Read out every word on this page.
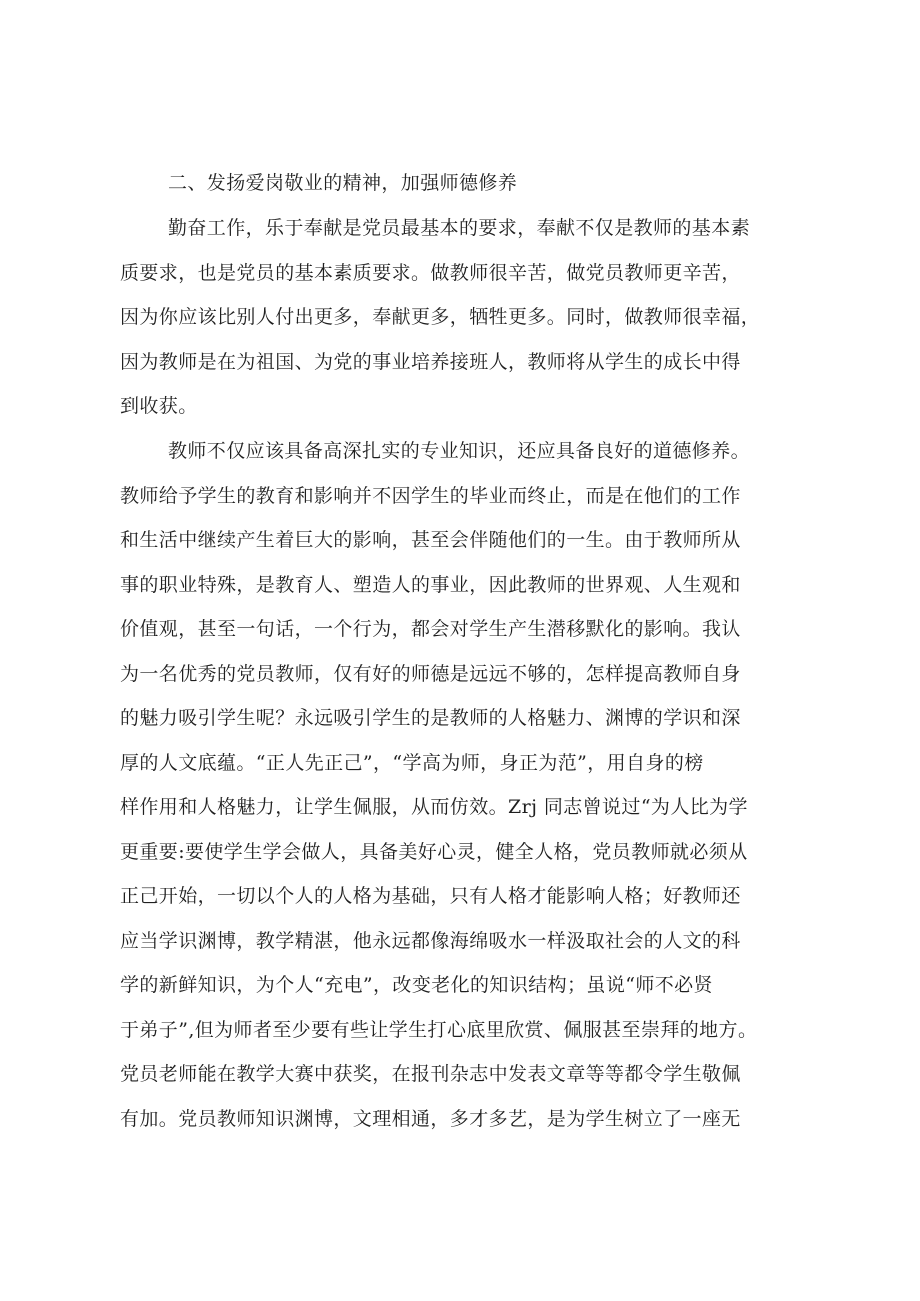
二、发扬爱岗敬业的精神，加强师德修养
勤奋工作，乐于奉献是党员最基本的要求，奉献不仅是教师的基本素
质要求，也是党员的基本素质要求。做教师很辛苦，做党员教师更辛苦，
因为你应该比别人付出更多，奉献更多，牺牲更多。同时，做教师很幸福，
因为教师是在为祖国、为党的事业培养接班人，教师将从学生的成长中得
到收获。
教师不仅应该具备高深扎实的专业知识，还应具备良好的道德修养。
教师给予学生的教育和影响并不因学生的毕业而终止，而是在他们的工作
和生活中继续产生着巨大的影响，甚至会伴随他们的一生。由于教师所从
事的职业特殊，是教育人、塑造人的事业，因此教师的世界观、人生观和
价值观，甚至一句话，一个行为，都会对学生产生潜移默化的影响。我认
为一名优秀的党员教师，仅有好的师德是远远不够的，怎样提高教师自身
的魅力吸引学生呢？永远吸引学生的是教师的人格魅力、渊博的学识和深
厚的人文底蕴。“正人先正己”，“学高为师，身正为范”，用自身的榜
样作用和人格魅力，让学生佩服，从而仿效。Zrj 同志曾说过“为人比为学
更重要:要使学生学会做人，具备美好心灵，健全人格，党员教师就必须从
正己开始，一切以个人的人格为基础，只有人格才能影响人格；好教师还
应当学识渊博，教学精湛，他永远都像海绵吸水一样汲取社会的人文的科
学的新鲜知识，为个人“充电”，改变老化的知识结构；虽说“师不必贤
于弟子”,但为师者至少要有些让学生打心底里欣赏、佩服甚至崇拜的地方。
党员老师能在教学大赛中获奖，在报刊杂志中发表文章等等都令学生敬佩
有加。党员教师知识渊博，文理相通，多才多艺，是为学生树立了一座无
